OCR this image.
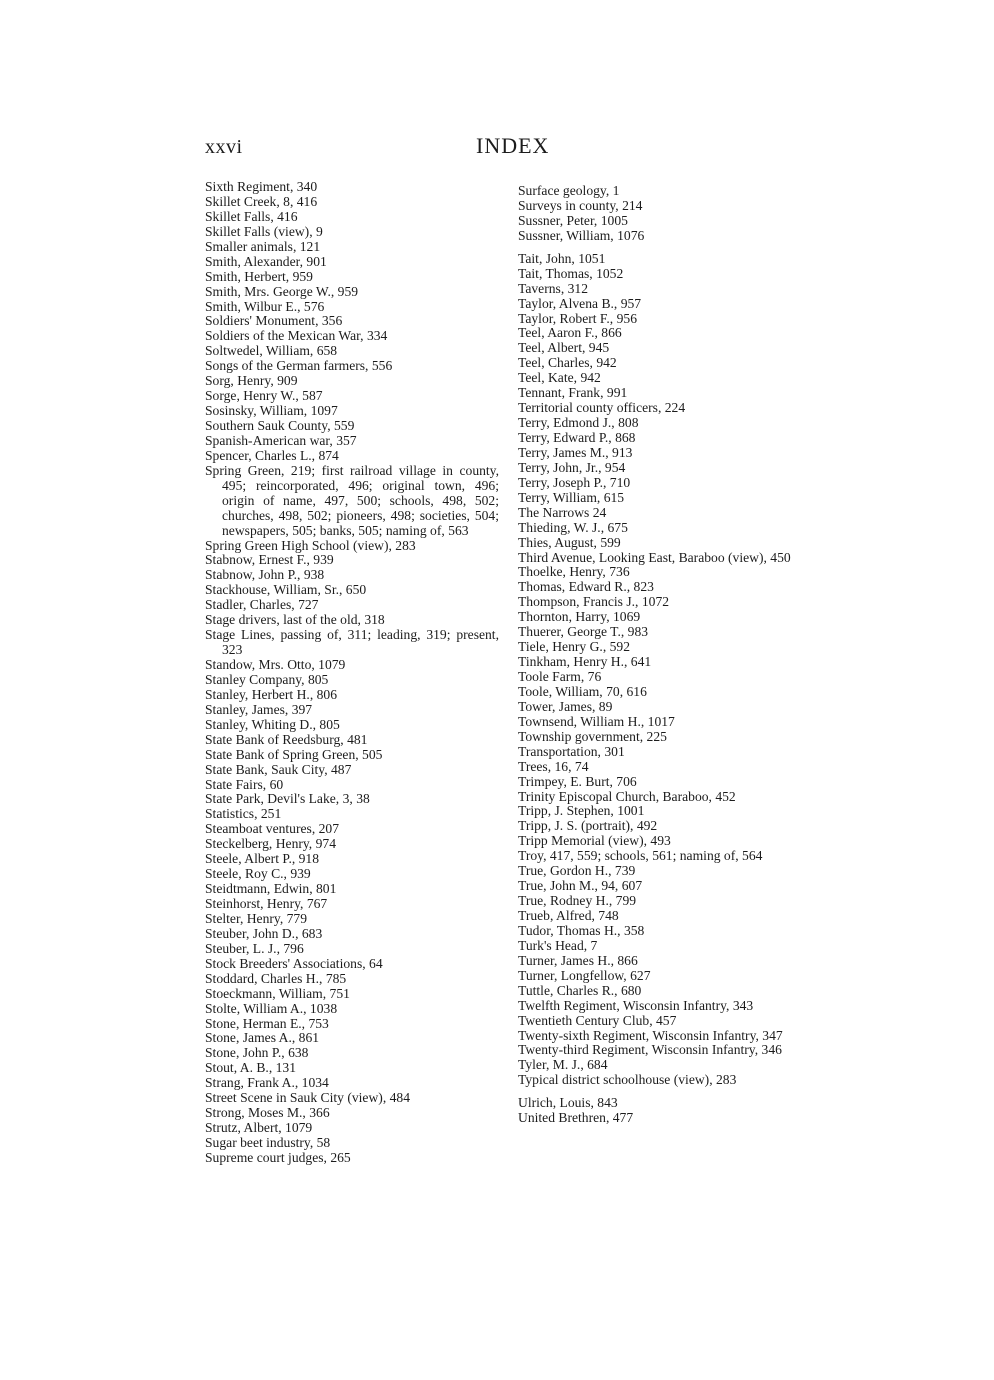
xxvi	INDEX
Sixth Regiment, 340
Skillet Creek, 8, 416
Skillet Falls, 416
Skillet Falls (view), 9
Smaller animals, 121
Smith, Alexander, 901
Smith, Herbert, 959
Smith, Mrs. George W., 959
Smith, Wilbur E., 576
Soldiers' Monument, 356
Soldiers of the Mexican War, 334
Soltwedel, William, 658
Songs of the German farmers, 556
Sorg, Henry, 909
Sorge, Henry W., 587
Sosinsky, William, 1097
Southern Sauk County, 559
Spanish-American war, 357
Spencer, Charles L., 874
Spring Green, 219; first railroad village in county, 495; reincorporated, 496; original town, 496; origin of name, 497, 500; schools, 498, 502; churches, 498, 502; pioneers, 498; societies, 504; newspapers, 505; banks, 505; naming of, 563
Spring Green High School (view), 283
Stabnow, Ernest F., 939
Stabnow, John P., 938
Stackhouse, William, Sr., 650
Stadler, Charles, 727
Stage drivers, last of the old, 318
Stage Lines, passing of, 311; leading, 319; present, 323
Standow, Mrs. Otto, 1079
Stanley Company, 805
Stanley, Herbert H., 806
Stanley, James, 397
Stanley, Whiting D., 805
State Bank of Reedsburg, 481
State Bank of Spring Green, 505
State Bank, Sauk City, 487
State Fairs, 60
State Park, Devil's Lake, 3, 38
Statistics, 251
Steamboat ventures, 207
Steckelberg, Henry, 974
Steele, Albert P., 918
Steele, Roy C., 939
Steidtmann, Edwin, 801
Steinhorst, Henry, 767
Stelter, Henry, 779
Steuber, John D., 683
Steuber, L. J., 796
Stock Breeders' Associations, 64
Stoddard, Charles H., 785
Stoeckmann, William, 751
Stolte, William A., 1038
Stone, Herman E., 753
Stone, James A., 861
Stone, John P., 638
Stout, A. B., 131
Strang, Frank A., 1034
Street Scene in Sauk City (view), 484
Strong, Moses M., 366
Strutz, Albert, 1079
Sugar beet industry, 58
Supreme court judges, 265
Surface geology, 1
Surveys in county, 214
Sussner, Peter, 1005
Sussner, William, 1076
Tait, John, 1051
Tait, Thomas, 1052
Taverns, 312
Taylor, Alvena B., 957
Taylor, Robert F., 956
Teel, Aaron F., 866
Teel, Albert, 945
Teel, Charles, 942
Teel, Kate, 942
Tennant, Frank, 991
Territorial county officers, 224
Terry, Edmond J., 808
Terry, Edward P., 868
Terry, James M., 913
Terry, John, Jr., 954
Terry, Joseph P., 710
Terry, William, 615
The Narrows 24
Thieding, W. J., 675
Thies, August, 599
Third Avenue, Looking East, Baraboo (view), 450
Thoelke, Henry, 736
Thomas, Edward R., 823
Thompson, Francis J., 1072
Thornton, Harry, 1069
Thuerer, George T., 983
Tiele, Henry G., 592
Tinkham, Henry H., 641
Toole Farm, 76
Toole, William, 70, 616
Tower, James, 89
Townsend, William H., 1017
Township government, 225
Transportation, 301
Trees, 16, 74
Trimpey, E. Burt, 706
Trinity Episcopal Church, Baraboo, 452
Tripp, J. Stephen, 1001
Tripp, J. S. (portrait), 492
Tripp Memorial (view), 493
Troy, 417, 559; schools, 561; naming of, 564
True, Gordon H., 739
True, John M., 94, 607
True, Rodney H., 799
Trueb, Alfred, 748
Tudor, Thomas H., 358
Turk's Head, 7
Turner, James H., 866
Turner, Longfellow, 627
Tuttle, Charles R., 680
Twelfth Regiment, Wisconsin Infantry, 343
Twentieth Century Club, 457
Twenty-sixth Regiment, Wisconsin Infantry, 347
Twenty-third Regiment, Wisconsin Infantry, 346
Tyler, M. J., 684
Typical district schoolhouse (view), 283
Ulrich, Louis, 843
United Brethren, 477
